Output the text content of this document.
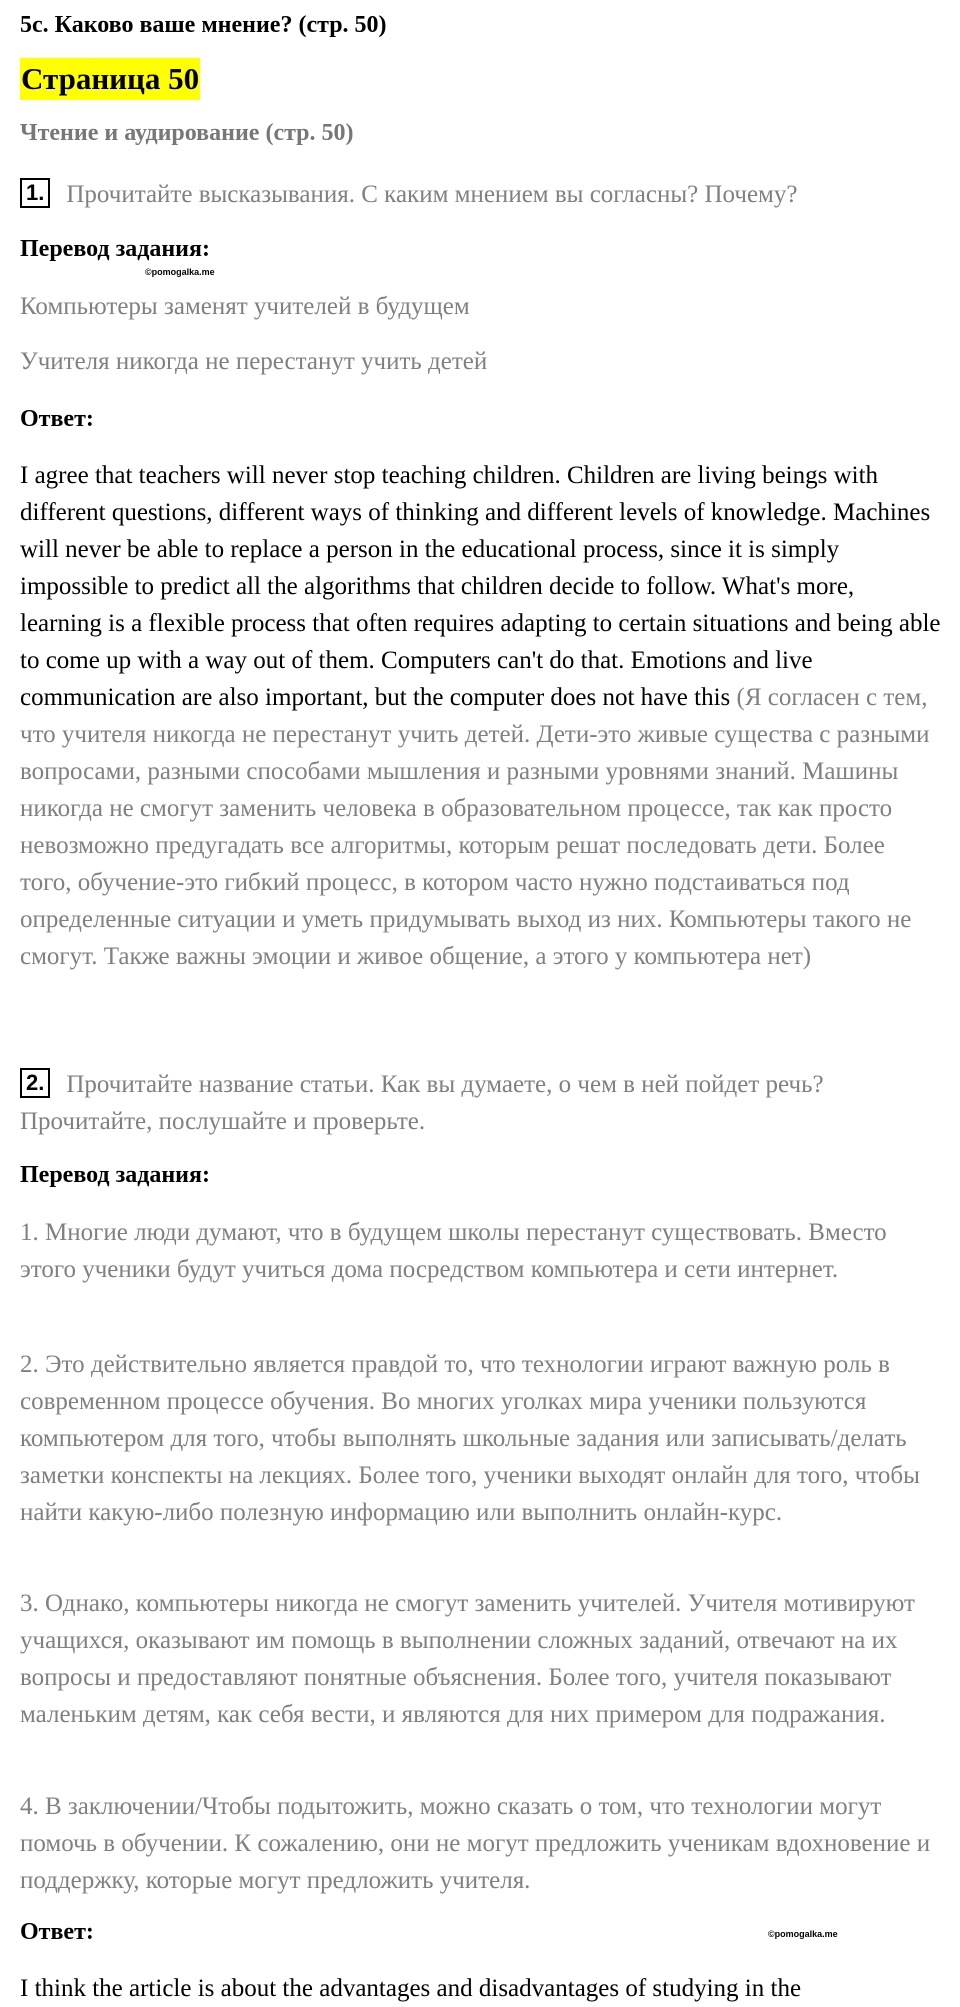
5с. Каково ваше мнение? (стр. 50)
Страница 50
Чтение и аудирование (стр. 50)
1. Прочитайте высказывания. С каким мнением вы согласны? Почему?
Перевод задания:
©pomogalka.me
Компьютеры заменят учителей в будущем
Учителя никогда не перестанут учить детей
Ответ:
I agree that teachers will never stop teaching children. Children are living beings with different questions, different ways of thinking and different levels of knowledge. Machines will never be able to replace a person in the educational process, since it is simply impossible to predict all the algorithms that children decide to follow. What's more, learning is a flexible process that often requires adapting to certain situations and being able to come up with a way out of them. Computers can't do that. Emotions and live communication are also important, but the computer does not have this (Я согласен с тем, что учителя никогда не перестанут учить детей. Дети-это живые существа с разными вопросами, разными способами мышления и разными уровнями знаний. Машины никогда не смогут заменить человека в образовательном процессе, так как просто невозможно предугадать все алгоритмы, которым решат последовать дети. Более того, обучение-это гибкий процесс, в котором часто нужно подстаиваться под определенные ситуации и уметь придумывать выход из них. Компьютеры такого не смогут. Также важны эмоции и живое общение, а этого у компьютера нет)
2. Прочитайте название статьи. Как вы думаете, о чем в ней пойдет речь? Прочитайте, послушайте и проверьте.
Перевод задания:
1. Многие люди думают, что в будущем школы перестанут существовать. Вместо этого ученики будут учиться дома посредством компьютера и сети интернет.
2. Это действительно является правдой то, что технологии играют важную роль в современном процессе обучения. Во многих уголках мира ученики пользуются компьютером для того, чтобы выполнять школьные задания или записывать/делать заметки конспекты на лекциях. Более того, ученики выходят онлайн для того, чтобы найти какую-либо полезную информацию или выполнить онлайн-курс.
3. Однако, компьютеры никогда не смогут заменить учителей. Учителя мотивируют учащихся, оказывают им помощь в выполнении сложных заданий, отвечают на их вопросы и предоставляют понятные объяснения. Более того, учителя показывают маленьким детям, как себя вести, и являются для них примером для подражания.
4. В заключении/Чтобы подытожить, можно сказать о том, что технологии могут помочь в обучении. К сожалению, они не могут предложить ученикам вдохновение и поддержку, которые могут предложить учителя.
Ответ:	©pomogalka.me
I think the article is about the advantages and disadvantages of studying in the
